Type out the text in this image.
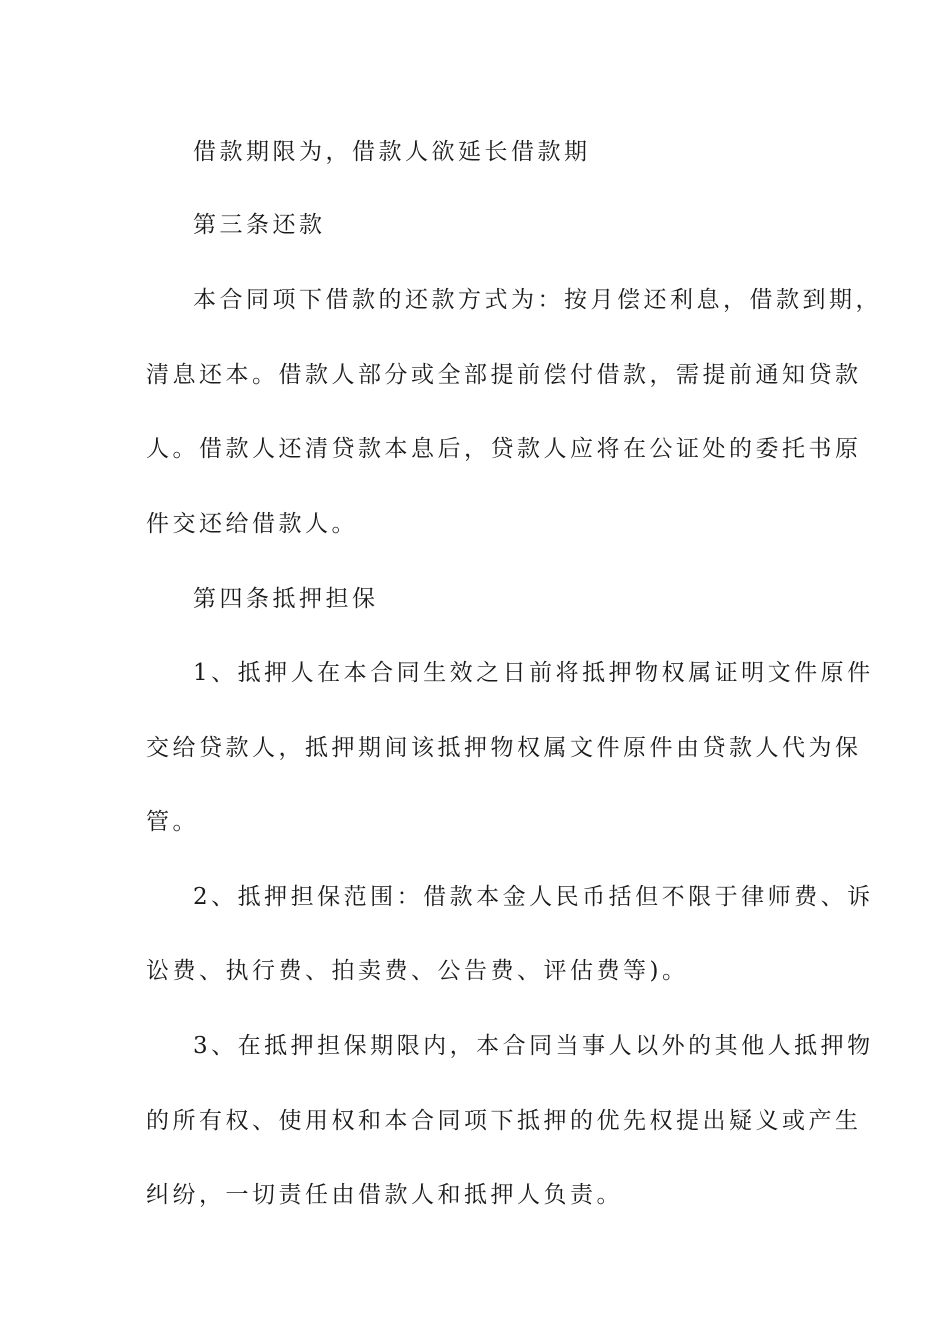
借款期限为，借款人欲延长借款期
第三条还款
本合同项下借款的还款方式为：按月偿还利息，借款到期，
清息还本。借款人部分或全部提前偿付借款，需提前通知贷款
人。借款人还清贷款本息后，贷款人应将在公证处的委托书原
件交还给借款人。
第四条抵押担保
1、抵押人在本合同生效之日前将抵押物权属证明文件原件
交给贷款人，抵押期间该抵押物权属文件原件由贷款人代为保
管。
2、抵押担保范围：借款本金人民币括但不限于律师费、诉
讼费、执行费、拍卖费、公告费、评估费等)。
3、在抵押担保期限内，本合同当事人以外的其他人抵押物
的所有权、使用权和本合同项下抵押的优先权提出疑义或产生
纠纷，一切责任由借款人和抵押人负责。
